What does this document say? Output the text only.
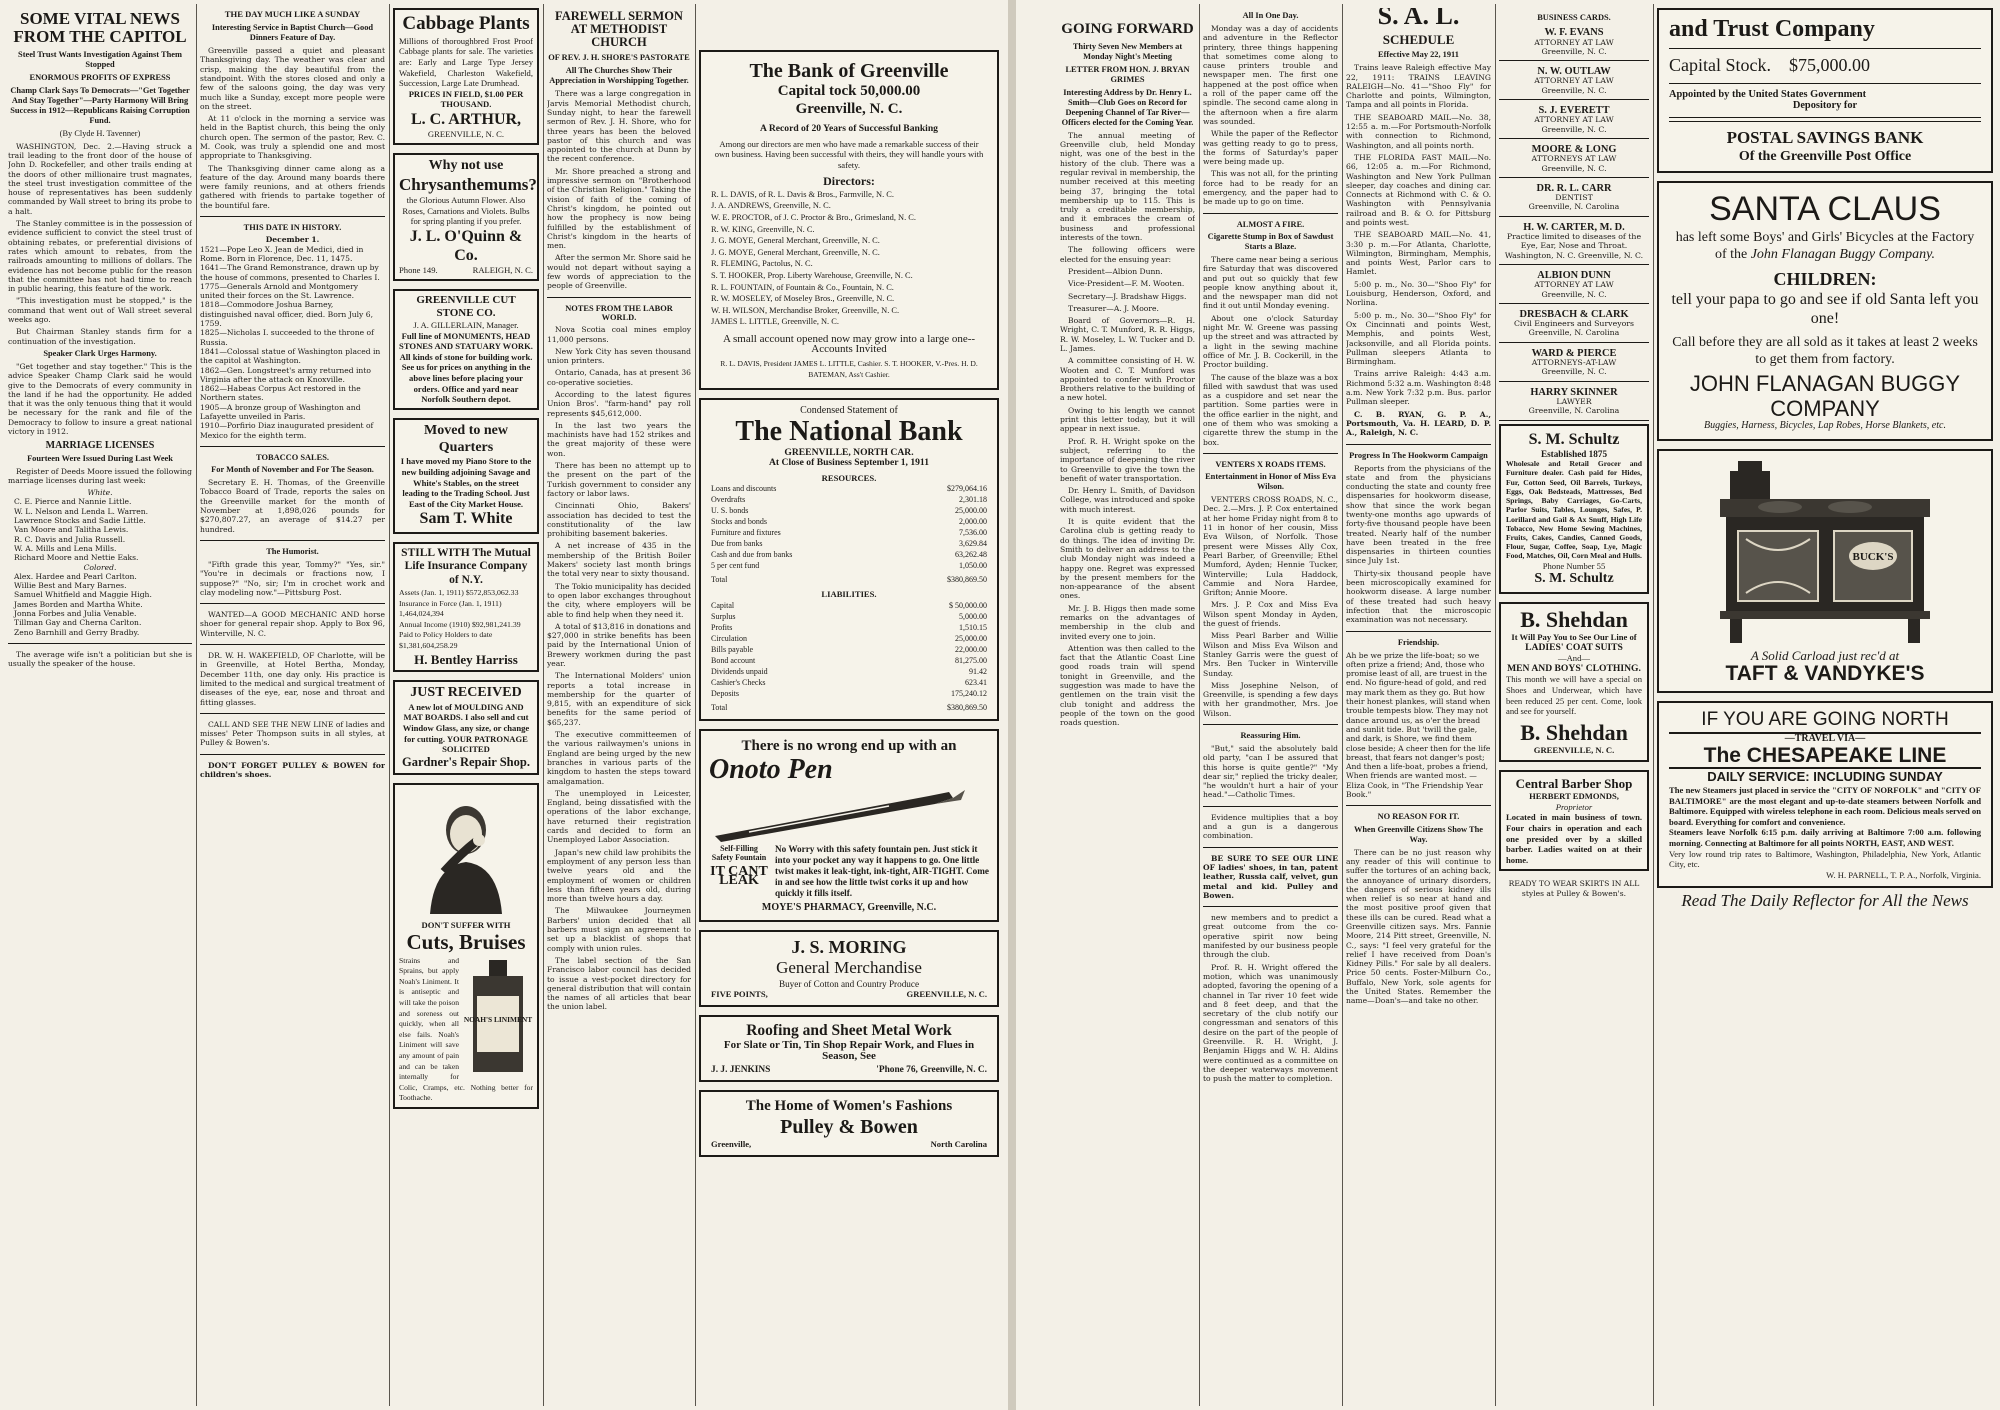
SOME VITAL NEWS FROM THE CAPITOL
Steel Trust Wants Investigation Against Them Stopped
ENORMOUS PROFITS OF EXPRESS
Champ Clark Says To Democrats—"Get Together And Stay Together"—Party Harmony Will Bring Success in 1912—Republicans Raising Corruption Fund.
(By Clyde H. Tavenner)

WASHINGTON, Dec. 2.—Having struck a trail leading to the front door of the house of John D. Rockefeller, and other trails ending at the doors of other millionaire trust magnates, the steel trust investigation committee of the house of representatives has been suddenly commanded by Wall street to bring its probe to a halt.

The Stanley committee is in the possession of evidence sufficient to convict the steel trust of obtaining rebates, or preferential divisions of rates which amount to rebates, from the railroads amounting to millions of dollars. The evidence has not become public for the reason that the committee has not had time to reach in public hearing, this feature of the work.

"This investigation must be stopped," is the command that went out of Wall street several weeks ago.

But Chairman Stanley stands firm for a continuation of the investigation.

Speaker Clark Urges Harmony.

"Get together and stay together." This is the advice Speaker Champ Clark said he would give to the Democrats of every community in the land if he had the opportunity. He added that it was the only tenuous thing that it would be necessary for the rank and file of the Democracy to follow to insure a great national victory in 1912.

MARRIAGE LICENSES
Fourteen Were Issued During Last Week

Register of Deeds Moore issued the following marriage licenses during last week:

White.
C. E. Pierce and Nannie Little.
W. L. Nelson and Lenda L. Warren.
Lawrence Stocks and Sadie Little.
Van Moore and Talitha Lewis.
R. C. Davis and Julia Russell.
W. A. Mills and Lena Mills.
Richard Moore and Nettie Eaks.
Colored.
Alex. Hardee and Pearl Carlton.
Willie Best and Mary Barnes.
Samuel Whitfield and Maggie High.
James Borden and Martha White.
Jonna Forbes and Julia Venable.
Tillman Gay and Cherna Carlton.
Zeno Barnhill and Gerry Bradby.

The average wife isn't a politician but she is usually the speaker of the house.

THE DAY MUCH LIKE A SUNDAY
Interesting Service in Baptist Church—Good Dinners Feature of Day.

Greenville passed a quiet and pleasant Thanksgiving day. The weather was clear and crisp, making the day beautiful from the standpoint. With the stores closed and only a few of the saloons going, the day was very much like a Sunday, except more people were on the street.

At 11 o'clock in the morning a service was held in the Baptist church, this being the only church open. The sermon of the pastor, Rev. C. M. Cook, was truly a splendid one and most appropriate to Thanksgiving.

The Thanksgiving dinner came along as a feature of the day. Around many boards there were family reunions, and at others friends gathered with friends to partake together of the bountiful fare.

THIS DATE IN HISTORY.
December 1.
1521—Pope Leo X. Jean de Medici, died in Rome. Born in Florence, Dec. 11, 1475.
1641—The Grand Remonstrance, drawn up by the house of commons, presented to Charles I.
1775—Generals Arnold and Montgomery united their forces on the St. Lawrence.
1818—Commodore Joshua Barney, distinguished naval officer, died. Born July 6, 1759.
1825—Nicholas I. succeeded to the throne of Russia.
1841—Colossal statue of Washington placed in the capitol at Washington.
1862—Gen. Longstreet's army returned into Virginia after the attack on Knoxville.
1862—Habeas Corpus Act restored in the Northern states.
1905—A bronze group of Washington and Lafayette unveiled in Paris.
1910—Porfirio Diaz inaugurated president of Mexico for the eighth term.
TOBACCO SALES.
For Month of November and For The Season.

Secretary E. H. Thomas, of the Greenville Tobacco Board of Trade, reports the sales on the Greenville market for the month of November at 1,898,026 pounds for $270,807.27, an average of $14.27 per hundred.

The Humorist.

"Fifth grade this year, Tommy?" "Yes, sir." "You're in decimals or fractions now, I suppose?" "No, sir; I'm in crochet work and clay modeling now."—Pittsburg Post.

WANTED—A GOOD MECHANIC AND horse shoer for general repair shop. Apply to Box 96, Winterville, N. C.

DR. W. H. WAKEFIELD, OF Charlotte, will be in Greenville, at Hotel Bertha, Monday, December 11th, one day only. His practice is limited to the medical and surgical treatment of diseases of the eye, ear, nose and throat and fitting glasses.

CALL AND SEE THE NEW LINE of ladies and misses' Peter Thompson suits in all styles, at Pulley & Bowen's.

DON'T FORGET PULLEY & BOWEN for children's shoes.

Cabbage Plants
Millions of thoroughbred Frost Proof Cabbage plants for sale. The varieties are: Early and Large Type Jersey Wakefield, Charleston Wakefield, Succession, Large Late Drumhead.
PRICES IN FIELD, $1.00 PER THOUSAND.
L. C. ARTHUR,
GREENVILLE, N. C.
Why not use
Chrysanthemums?
the Glorious Autumn Flower. Also Roses, Carnations and Violets. Bulbs for spring planting if you prefer.
J. L. O'Quinn & Co.
Phone 149.	RALEIGH, N. C.
GREENVILLE CUT STONE CO.
J. A. GILLERLAIN, Manager.
Full line of MONUMENTS, HEAD STONES AND STATUARY WORK. All kinds of stone for building work. See us for prices on anything in the above lines before placing your orders. Office and yard near Norfolk Southern depot.
Moved to new Quarters
I have moved my Piano Store to the new building adjoining Savage and White's Stables, on the street leading to the Trading School. Just East of the City Market House.
Sam T. White
STILL WITH The Mutual Life Insurance Company of N.Y.
Assets (Jan. 1, 1911) $572,853,062.33
Insurance in Force (Jan. 1, 1911) 1,464,024,394
Annual Income (1910) $92,981,241.39
Paid to Policy Holders to date $1,381,604,258.29
H. Bentley Harriss
JUST RECEIVED
A new lot of MOULDING AND MAT BOARDS. I also sell and cut Window Glass, any size, or change for cutting. YOUR PATRONAGE SOLICITED
Gardner's Repair Shop.
DON'T SUFFER WITH
Cuts, Bruises
NOAH'S LINIMENT
Strains and Sprains, but apply Noah's Liniment. It is antiseptic and will take the poison and soreness out quickly, when all else fails. Noah's Liniment will save any amount of pain and can be taken internally for Colic, Cramps, etc. Nothing better for Toothache.
FAREWELL SERMON AT METHODIST CHURCH
OF REV. J. H. SHORE'S PASTORATE
All The Churches Show Their Appreciation in Worshipping Together.

There was a large congregation in Jarvis Memorial Methodist church, Sunday night, to hear the farewell sermon of Rev. J. H. Shore, who for three years has been the beloved pastor of this church and was appointed to the church at Dunn by the recent conference.

Mr. Shore preached a strong and impressive sermon on "Brotherhood of the Christian Religion." Taking the vision of faith of the coming of Christ's kingdom, he pointed out how the prophecy is now being fulfilled by the establishment of Christ's kingdom in the hearts of men.

After the sermon Mr. Shore said he would not depart without saying a few words of appreciation to the people of Greenville.

NOTES FROM THE LABOR WORLD.

Nova Scotia coal mines employ 11,000 persons.

New York City has seven thousand union printers.

Ontario, Canada, has at present 36 co-operative societies.

According to the latest figures Union Bros'. "farm-hand" pay roll represents $45,612,000.

In the last two years the machinists have had 152 strikes and the great majority of these were won.

There has been no attempt up to the present on the part of the Turkish government to consider any factory or labor laws.

Cincinnati Ohio, Bakers' association has decided to test the constitutionality of the law prohibiting basement bakeries.

A net increase of 435 in the membership of the British Boiler Makers' society last month brings the total very near to sixty thousand.

The Tokio municipality has decided to open labor exchanges throughout the city, where employers will be able to find help when they need it.

A total of $13,816 in donations and $27,000 in strike benefits has been paid by the International Union of Brewery workmen during the past year.

The International Molders' union reports a total increase in membership for the quarter of 9,815, with an expenditure of sick benefits for the same period of $65,237.

The executive committeemen of the various railwaymen's unions in England are being urged by the new branches in various parts of the kingdom to hasten the steps toward amalgamation.

The unemployed in Leicester, England, being dissatisfied with the operations of the labor exchange, have returned their registration cards and decided to form an Unemployed Labor Association.

Japan's new child law prohibits the employment of any person less than twelve years old and the employment of women or children less than fifteen years old, during more than twelve hours a day.

The Milwaukee Journeymen Barbers' union decided that all barbers must sign an agreement to set up a blacklist of shops that comply with union rules.

The label section of the San Francisco labor council has decided to issue a vest-pocket directory for general distribution that will contain the names of all articles that bear the union label.

The Bank of Greenville
Capital tock 50,000.00
Greenville, N. C.
A Record of 20 Years of Successful Banking
Among our directors are men who have made a remarkable success of their own business. Having been successful with theirs, they will handle yours with safety.
Directors:
R. L. DAVIS, of R. L. Davis & Bros., Farmville, N. C.
J. A. ANDREWS, Greenville, N. C.
W. E. PROCTOR, of J. C. Proctor & Bro., Grimesland, N. C.
R. W. KING, Greenville, N. C.
J. G. MOYE, General Merchant, Greenville, N. C.
J. G. MOYE, General Merchant, Greenville, N. C.
R. FLEMING, Pactolus, N. C.
S. T. HOOKER, Prop. Liberty Warehouse, Greenville, N. C.
R. L. FOUNTAIN, of Fountain & Co., Fountain, N. C.
R. W. MOSELEY, of Moseley Bros., Greenville, N. C.
W. H. WILSON, Merchandise Broker, Greenville, N. C.
JAMES L. LITTLE, Greenville, N. C.
A small account opened now may grow into a large one--Accounts Invited
R. L. DAVIS, President JAMES L. LITTLE, Cashier. S. T. HOOKER, V.-Pres. H. D. BATEMAN, Ass't Cashier.
Condensed Statement of
The National Bank
GREENVILLE, NORTH CAR.
At Close of Business September 1, 1911
RESOURCES.
Loans and discounts	$279,064.16
Overdrafts	2,301.18
U. S. bonds	25,000.00
Stocks and bonds	2,000.00
Furniture and fixtures	7,536.00
Due from banks	3,629.84
Cash and due from banks	63,262.48
5 per cent fund	1,050.00
Total	$380,869.50
LIABILITIES.
Capital	$ 50,000.00
Surplus	5,000.00
Profits	1,510.15
Circulation	25,000.00
Bills payable	22,000.00
Bond account	81,275.00
Dividends unpaid	91.42
Cashier's Checks	623.41
Deposits	175,240.12
Total	$380,869.50
There is no wrong end up with an
Onoto Pen
Self-Filling Safety Fountain
IT CANT LEAK
No Worry with this safety fountain pen. Just stick it into your pocket any way it happens to go. One little twist makes it leak-tight, ink-tight, AIR-TIGHT. Come in and see how the little twist corks it up and how quickly it fills itself.
MOYE'S PHARMACY, Greenville, N.C.
J. S. MORING
General Merchandise
Buyer of Cotton and Country Produce
FIVE POINTS,	GREENVILLE, N. C.
Roofing and Sheet Metal Work
For Slate or Tin, Tin Shop Repair Work, and Flues in Season, See
J. J. JENKINS	'Phone 76, Greenville, N. C.
The Home of Women's Fashions
Pulley & Bowen
Greenville,	North Carolina
GOING FORWARD
Thirty Seven New Members at Monday Night's Meeting
LETTER FROM HON. J. BRYAN GRIMES
Interesting Address by Dr. Henry L. Smith—Club Goes on Record for Deepening Channel of Tar River—Officers elected for the Coming Year.

The annual meeting of Greenville club, held Monday night, was one of the best in the history of the club. There was a regular revival in membership, the number received at this meeting being 37, bringing the total membership up to 115. This is truly a creditable membership, and it embraces the cream of business and professional interests of the town.

The following officers were elected for the ensuing year:

President—Albion Dunn.

Vice-President—F. M. Wooten.

Secretary—J. Bradshaw Higgs.

Treasurer—A. J. Moore.

Board of Governors—R. H. Wright, C. T. Munford, R. R. Higgs, R. W. Moseley, L. W. Tucker and D. L. James.

A committee consisting of H. W. Wooten and C. T. Munford was appointed to confer with Proctor Brothers relative to the building of a new hotel.

Owing to his length we cannot print this letter today, but it will appear in next issue.

Prof. R. H. Wright spoke on the subject, referring to the importance of deepening the river to Greenville to give the town the benefit of water transportation.

Dr. Henry L. Smith, of Davidson College, was introduced and spoke with much interest.

It is quite evident that the Carolina club is getting ready to do things. The idea of inviting Dr. Smith to deliver an address to the club Monday night was indeed a happy one. Regret was expressed by the present members for the non-appearance of the absent ones.

Mr. J. B. Higgs then made some remarks on the advantages of membership in the club and invited every one to join.

Attention was then called to the fact that the Atlantic Coast Line good roads train will spend tonight in Greenville, and the suggestion was made to have the gentlemen on the train visit the club tonight and address the people of the town on the good roads question.

All In One Day.

Monday was a day of accidents and adventure in the Reflector printery, three things happening that sometimes come along to cause printers trouble and newspaper men. The first one happened at the post office when a roll of the paper came off the spindle. The second came along in the afternoon when a fire alarm was sounded.

While the paper of the Reflector was getting ready to go to press, the forms of Saturday's paper were being made up.

This was not all, for the printing force had to be ready for an emergency, and the paper had to be made up to go on time.

ALMOST A FIRE.
Cigarette Stump in Box of Sawdust Starts a Blaze.

There came near being a serious fire Saturday that was discovered and put out so quickly that few people know anything about it, and the newspaper man did not find it out until Monday evening.

About one o'clock Saturday night Mr. W. Greene was passing up the street and was attracted by a light in the sewing machine office of Mr. J. B. Cockerill, in the Proctor building.

The cause of the blaze was a box filled with sawdust that was used as a cuspidore and set near the partition. Some parties were in the office earlier in the night, and one of them who was smoking a cigarette threw the stump in the box.

VENTERS X ROADS ITEMS.
Entertainment in Honor of Miss Eva Wilson.

VENTERS CROSS ROADS, N. C., Dec. 2.—Mrs. J. P. Cox entertained at her home Friday night from 8 to 11 in honor of her cousin, Miss Eva Wilson, of Norfolk. Those present were Misses Ally Cox, Pearl Barber, of Greenville; Ethel Mumford, Ayden; Hennie Tucker, Winterville; Lula Haddock, Cammie and Nora Hardee, Grifton; Annie Moore.

Mrs. J. P. Cox and Miss Eva Wilson spent Monday in Ayden, the guest of friends.

Miss Pearl Barber and Willie Wilson and Miss Eva Wilson and Stanley Garris were the guest of Mrs. Ben Tucker in Winterville Sunday.

Miss Josephine Nelson, of Greenville, is spending a few days with her grandmother, Mrs. Joe Wilson.

Reassuring Him.

"But," said the absolutely bald old party, "can I be assured that this horse is quite gentle?" "My dear sir," replied the tricky dealer, "he wouldn't hurt a hair of your head."—Catholic Times.

Evidence multiplies that a boy and a gun is a dangerous combination.

BE SURE TO SEE OUR LINE OF ladies' shoes, in tan, patent leather, Russia calf, velvet, gun metal and kid. Pulley and Bowen.

new members and to predict a great outcome from the co-operative spirit now being manifested by our business people through the club.

Prof. R. H. Wright offered the motion, which was unanimously adopted, favoring the opening of a channel in Tar river 10 feet wide and 8 feet deep, and that the secretary of the club notify our congressman and senators of this desire on the part of the people of Greenville. R. H. Wright, J. Benjamin Higgs and W. H. Aldins were continued as a committee on the deeper waterways movement to push the matter to completion.

S. A. L.
SCHEDULE
Effective May 22, 1911

Trains leave Raleigh effective May 22, 1911: TRAINS LEAVING RALEIGH—No. 41—"Shoo Fly" for Charlotte and points, Wilmington, Tampa and all points in Florida.

THE SEABOARD MAIL—No. 38, 12:55 a. m.—For Portsmouth-Norfolk with connection to Richmond, Washington, and all points north.

THE FLORIDA FAST MAIL—No. 66, 12:05 a. m.—For Richmond, Washington and New York Pullman sleeper, day coaches and dining car. Connects at Richmond with C. & O. Washington with Pennsylvania railroad and B. & O. for Pittsburg and points west.

THE SEABOARD MAIL—No. 41, 3:30 p. m.—For Atlanta, Charlotte, Wilmington, Birmingham, Memphis, and points West, Parlor cars to Hamlet.

5:00 p. m., No. 30—"Shoo Fly" for Louisburg, Henderson, Oxford, and Norlina.

5:00 p. m., No. 30—"Shoo Fly" for Ox Cincinnati and points West, Memphis, and points West, Jacksonville, and all Florida points. Pullman sleepers Atlanta to Birmingham.

Trains arrive Raleigh: 4:43 a.m. Richmond 5:32 a.m. Washington 8:48 a.m. New York 7:32 p.m. Bus. parlor Pullman sleeper.

C. B. RYAN, G. P. A., Portsmouth, Va. H. LEARD, D. P. A., Raleigh, N. C.

Progress In The Hookworm Campaign

Reports from the physicians of the state and from the physicians conducting the state and county free dispensaries for hookworm disease, show that since the work began twenty-one months ago upwards of forty-five thousand people have been treated. Nearly half of the number have been treated in the free dispensaries in thirteen counties since July 1st.

Thirty-six thousand people have been microscopically examined for hookworm disease. A large number of these treated had such heavy infection that the microscopic examination was not necessary.

Friendship.

Ah be we prize the life-boat; so we often prize a friend; And, those who promise least of all, are truest in the end. No figure-head of gold, and red may mark them as they go. But how their honest plankes, will stand when trouble tempests blow. They may not dance around us, as o'er the bread and sunlit tide. But 'twill the gale, and dark, is Shore, we find them close beside; A cheer then for the life breast, that fears not danger's post; And then a life-boat, probes a friend, When friends are wanted most. —Eliza Cook, in "The Friendship Year Book."

NO REASON FOR IT.
When Greenville Citizens Show The Way.

There can be no just reason why any reader of this will continue to suffer the tortures of an aching back, the annoyance of urinary disorders, the dangers of serious kidney ills when relief is so near at hand and the most positive proof given that these ills can be cured. Read what a Greenville citizen says. Mrs. Fannie Moore, 214 Pitt street, Greenville, N. C., says: "I feel very grateful for the relief I have received from Doan's Kidney Pills." For sale by all dealers. Price 50 cents. Foster-Milburn Co., Buffalo, New York, sole agents for the United States. Remember the name—Doan's—and take no other.

BUSINESS CARDS.
W. F. EVANS
ATTORNEY AT LAW
Greenville, N. C.
N. W. OUTLAW
ATTORNEY AT LAW
Greenville, N. C.
S. J. EVERETT
ATTORNEY AT LAW
Greenville, N. C.
MOORE & LONG
ATTORNEYS AT LAW
Greenville, N. C.
DR. R. L. CARR
DENTIST
Greenville, N. Carolina
H. W. CARTER, M. D.
Practice limited to diseases of the Eye, Ear, Nose and Throat.
Washington, N. C. Greenville, N. C.
ALBION DUNN
ATTORNEY AT LAW
Greenville, N. C.
DRESBACH & CLARK
Civil Engineers and Surveyors
Greenville, N. Carolina
WARD & PIERCE
ATTORNEYS-AT-LAW
Greenville, N. C.
HARRY SKINNER
LAWYER
Greenville, N. Carolina
S. M. Schultz
Established 1875
Wholesale and Retail Grocer and Furniture dealer. Cash paid for Hides, Fur, Cotton Seed, Oil Barrels, Turkeys, Eggs, Oak Bedsteads, Mattresses, Bed Springs, Baby Carriages, Go-Carts, Parlor Suits, Tables, Lounges, Safes, P. Lorillard and Gail & Ax Snuff, High Life Tobacco, New Home Sewing Machines, Fruits, Cakes, Candies, Canned Goods, Flour, Sugar, Coffee, Soap, Lye, Magic Food, Matches, Oil, Corn Meal and Hulls.
Phone Number 55
S. M. Schultz
B. Shehdan
It Will Pay You to See Our Line of
LADIES' COAT SUITS
—And—
MEN AND BOYS' CLOTHING.
This month we will have a special on Shoes and Underwear, which have been reduced 25 per cent. Come, look and see for yourself.
B. Shehdan
GREENVILLE, N. C.
Central Barber Shop
HERBERT EDMONDS,
Proprietor
Located in main business of town. Four chairs in operation and each one presided over by a skilled barber. Ladies waited on at their home.

READY TO WEAR SKIRTS IN ALL styles at Pulley & Bowen's.

and Trust Company
Capital Stock. $75,000.00
Appointed by the United States Government
Depository for
POSTAL SAVINGS BANK
Of the Greenville Post Office
SANTA CLAUS
has left some Boys' and Girls' Bicycles at the Factory of the John Flanagan Buggy Company.
CHILDREN:
tell your papa to go and see if old Santa left you one!
Call before they are all sold as it takes at least 2 weeks to get them from factory.
JOHN FLANAGAN BUGGY COMPANY
Buggies, Harness, Bicycles, Lap Robes, Horse Blankets, etc.
BUCK'S
A Solid Carload just rec'd at
TAFT & VANDYKE'S
IF YOU ARE GOING NORTH
—TRAVEL VIA—
The CHESAPEAKE LINE
DAILY SERVICE: INCLUDING SUNDAY
The new Steamers just placed in service the "CITY OF NORFOLK" and "CITY OF BALTIMORE" are the most elegant and up-to-date steamers between Norfolk and Baltimore. Equipped with wireless telephone in each room. Delicious meals served on board. Everything for comfort and convenience.
Steamers leave Norfolk 6:15 p.m. daily arriving at Baltimore 7:00 a.m. following morning. Connecting at Baltimore for all points NORTH, EAST, AND WEST.
Very low round trip rates to Baltimore, Washington, Philadelphia, New York, Atlantic City, etc.
W. H. PARNELL, T. P. A., Norfolk, Virginia.
Read The Daily Reflector for All the News
